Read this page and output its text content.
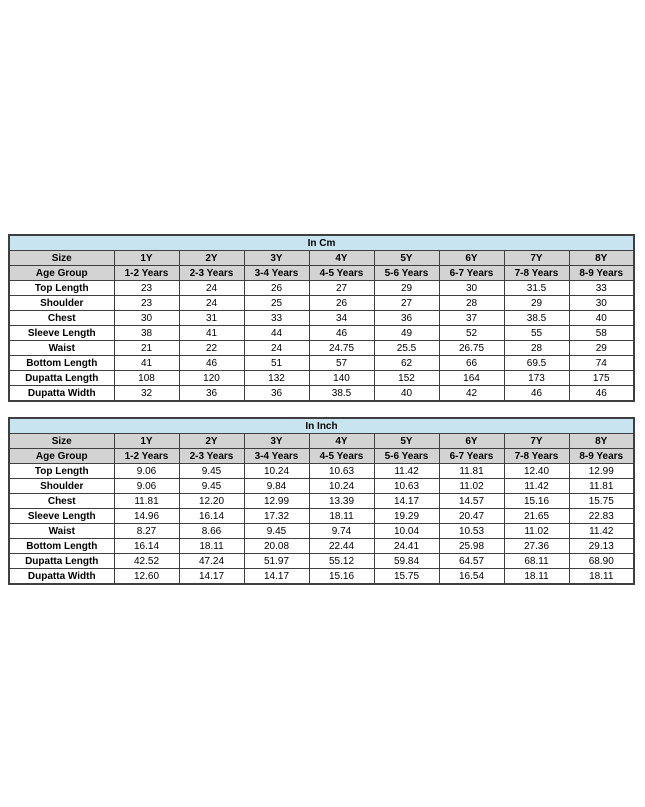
In Cm								
Size	1Y	2Y	3Y	4Y	5Y	6Y	7Y	8Y
Age Group	1-2 Years	2-3 Years	3-4 Years	4-5 Years	5-6 Years	6-7 Years	7-8 Years	8-9 Years
Top Length	23	24	26	27	29	30	31.5	33
Shoulder	23	24	25	26	27	28	29	30
Chest	30	31	33	34	36	37	38.5	40
Sleeve Length	38	41	44	46	49	52	55	58
Waist	21	22	24	24.75	25.5	26.75	28	29
Bottom Length	41	46	51	57	62	66	69.5	74
Dupatta Length	108	120	132	140	152	164	173	175
Dupatta Width	32	36	36	38.5	40	42	46	46
In Inch								
Size	1Y	2Y	3Y	4Y	5Y	6Y	7Y	8Y
Age Group	1-2 Years	2-3 Years	3-4 Years	4-5 Years	5-6 Years	6-7 Years	7-8 Years	8-9 Years
Top Length	9.06	9.45	10.24	10.63	11.42	11.81	12.40	12.99
Shoulder	9.06	9.45	9.84	10.24	10.63	11.02	11.42	11.81
Chest	11.81	12.20	12.99	13.39	14.17	14.57	15.16	15.75
Sleeve Length	14.96	16.14	17.32	18.11	19.29	20.47	21.65	22.83
Waist	8.27	8.66	9.45	9.74	10.04	10.53	11.02	11.42
Bottom Length	16.14	18.11	20.08	22.44	24.41	25.98	27.36	29.13
Dupatta Length	42.52	47.24	51.97	55.12	59.84	64.57	68.11	68.90
Dupatta Width	12.60	14.17	14.17	15.16	15.75	16.54	18.11	18.11
